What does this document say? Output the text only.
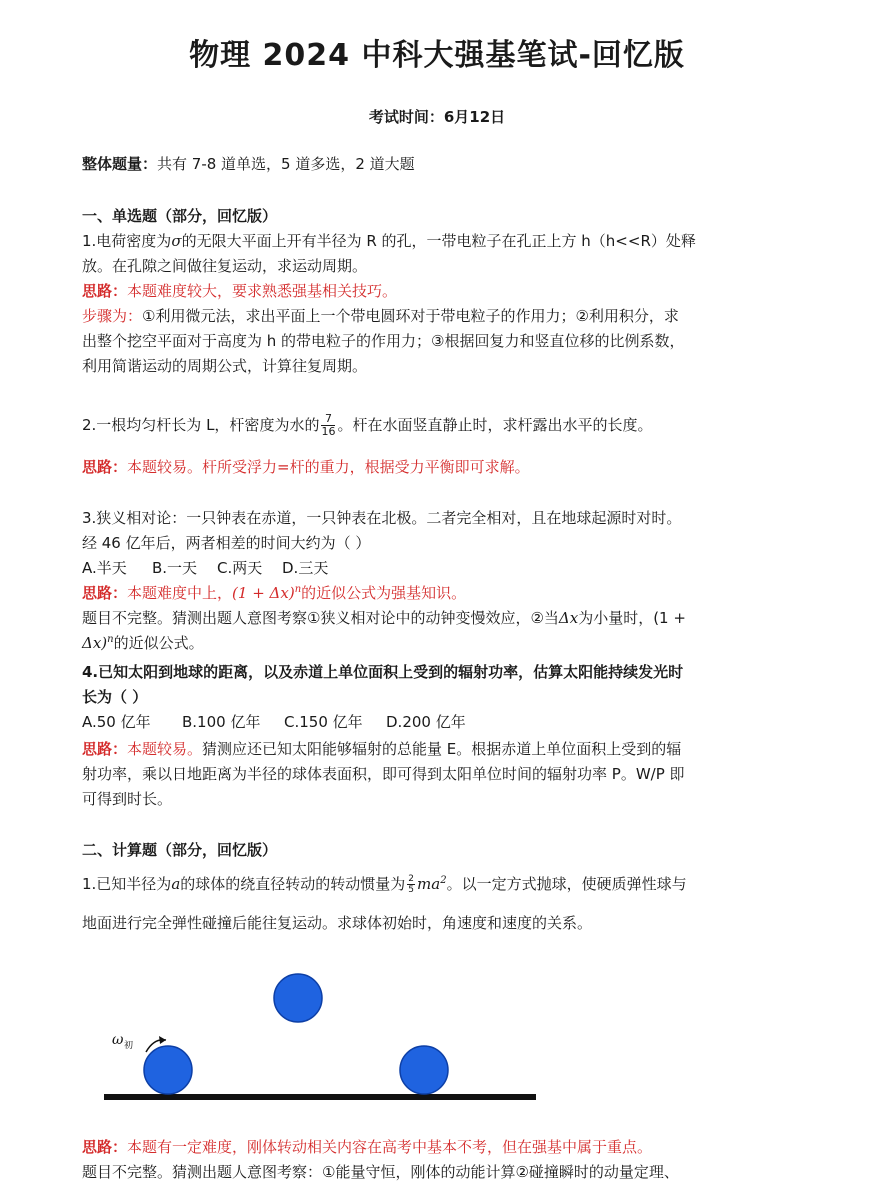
物理 2024 中科大强基笔试-回忆版
考试时间：6月12日
整体题量：共有 7-8 道单选，5 道多选，2 道大题
一、单选题（部分，回忆版）
1.电荷密度为σ的无限大平面上开有半径为 R 的孔，一带电粒子在孔正上方 h（h<<R）处释
放。在孔隙之间做往复运动，求运动周期。
思路：本题难度较大，要求熟悉强基相关技巧。
步骤为：①利用微元法，求出平面上一个带电圆环对于带电粒子的作用力；②利用积分，求
出整个挖空平面对于高度为 h 的带电粒子的作用力；③根据回复力和竖直位移的比例系数，
利用简谐运动的周期公式，计算往复周期。
2.一根均匀杆长为 L，杆密度为水的 $\frac{7}{16}$ 。杆在水面竖直静止时，求杆露出水平的长度。
思路：本题较易。杆所受浮力=杆的重力，根据受力平衡即可求解。
3.狭义相对论：一只钟表在赤道，一只钟表在北极。二者完全相对，且在地球起源时对时。
经 46 亿年后，两者相差的时间大约为（ ）
A.半天 B.一天 C.两天 D.三天
思路：本题难度中上，$(1 + \Delta x)^n$的近似公式为强基知识。
题目不完整。猜测出题人意图考察①狭义相对论中的动钟变慢效应，②当Δx为小量时，(1 +
Δx)$^n$的近似公式。
4.已知太阳到地球的距离，以及赤道上单位面积上受到的辐射功率，估算太阳能持续发光时
长为（ ）
A.50 亿年 B.100 亿年 C.150 亿年 D.200 亿年
思路：本题较易。猜测应还已知太阳能够辐射的总能量 E。根据赤道上单位面积上受到的辐
射功率，乘以日地距离为半径的球体表面积，即可得到太阳单位时间的辐射功率 P。W/P 即
可得到时长。
二、计算题（部分，回忆版）
1.已知半径为a的球体的绕直径转动的转动惯量为 $\frac{2}{5} ma^2$。以一定方式抛球，使硬质弹性球与
地面进行完全弹性碰撞后能往复运动。求球体初始时，角速度和速度的关系。
ω 初
思路：本题有一定难度，刚体转动相关内容在高考中基本不考，但在强基中属于重点。
题目不完整。猜测出题人意图考察：①能量守恒，刚体的动能计算②碰撞瞬时的动量定理、
